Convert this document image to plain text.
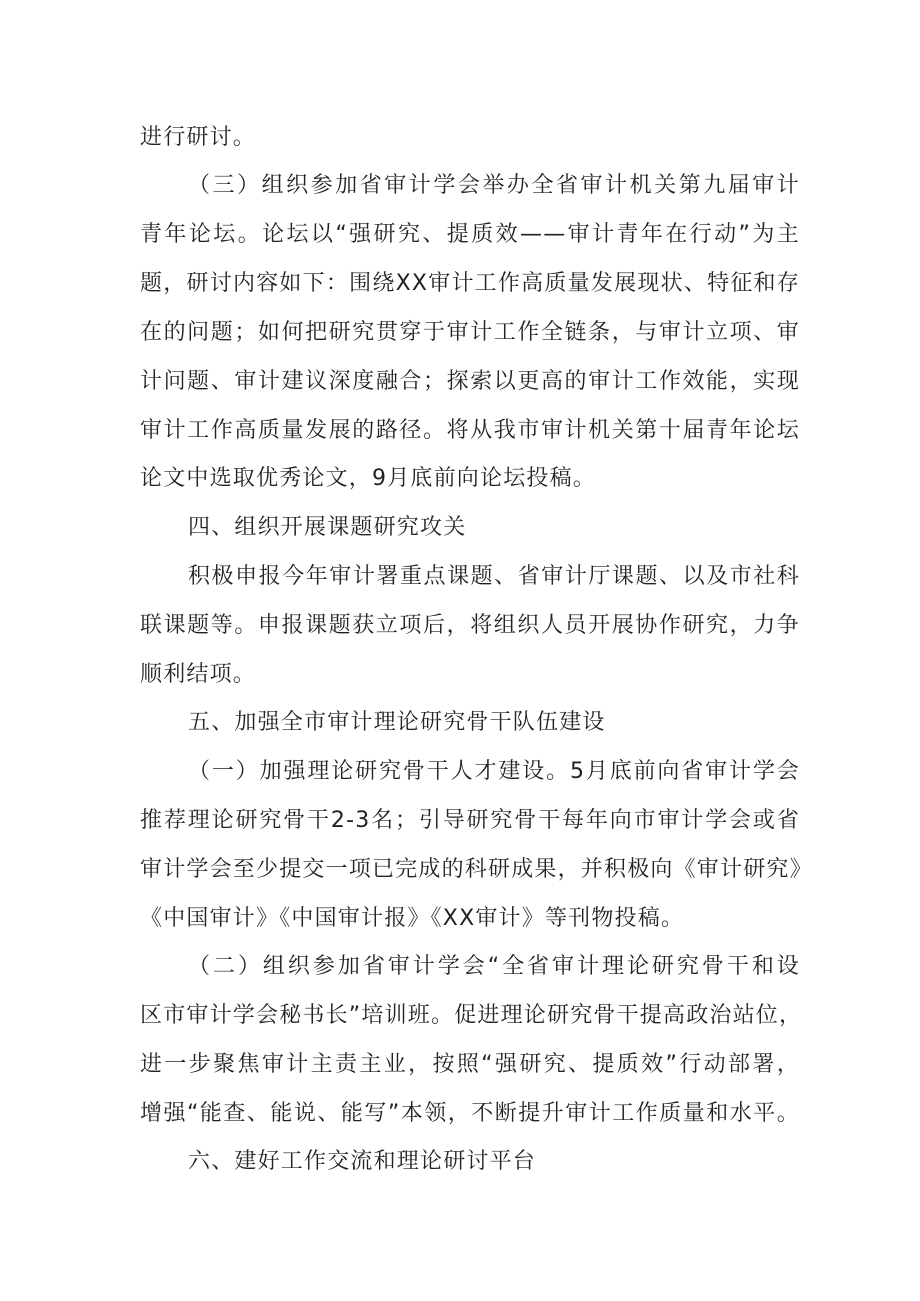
进行研讨。
（三）组织参加省审计学会举办全省审计机关第九届审计
青年论坛。论坛以“强研究、提质效——审计青年在行动”为主
题，研讨内容如下：围绕XX审计工作高质量发展现状、特征和存
在的问题；如何把研究贯穿于审计工作全链条，与审计立项、审
计问题、审计建议深度融合；探索以更高的审计工作效能，实现
审计工作高质量发展的路径。将从我市审计机关第十届青年论坛
论文中选取优秀论文，9月底前向论坛投稿。
四、组织开展课题研究攻关
积极申报今年审计署重点课题、省审计厅课题、以及市社科
联课题等。申报课题获立项后，将组织人员开展协作研究，力争
顺利结项。
五、加强全市审计理论研究骨干队伍建设
（一）加强理论研究骨干人才建设。5月底前向省审计学会
推荐理论研究骨干2-3名；引导研究骨干每年向市审计学会或省
审计学会至少提交一项已完成的科研成果，并积极向《审计研究》
《中国审计》《中国审计报》《XX审计》等刊物投稿。
（二）组织参加省审计学会“全省审计理论研究骨干和设
区市审计学会秘书长”培训班。促进理论研究骨干提高政治站位，
进一步聚焦审计主责主业，按照“强研究、提质效”行动部署，
增强“能查、能说、能写”本领，不断提升审计工作质量和水平。
六、建好工作交流和理论研讨平台
